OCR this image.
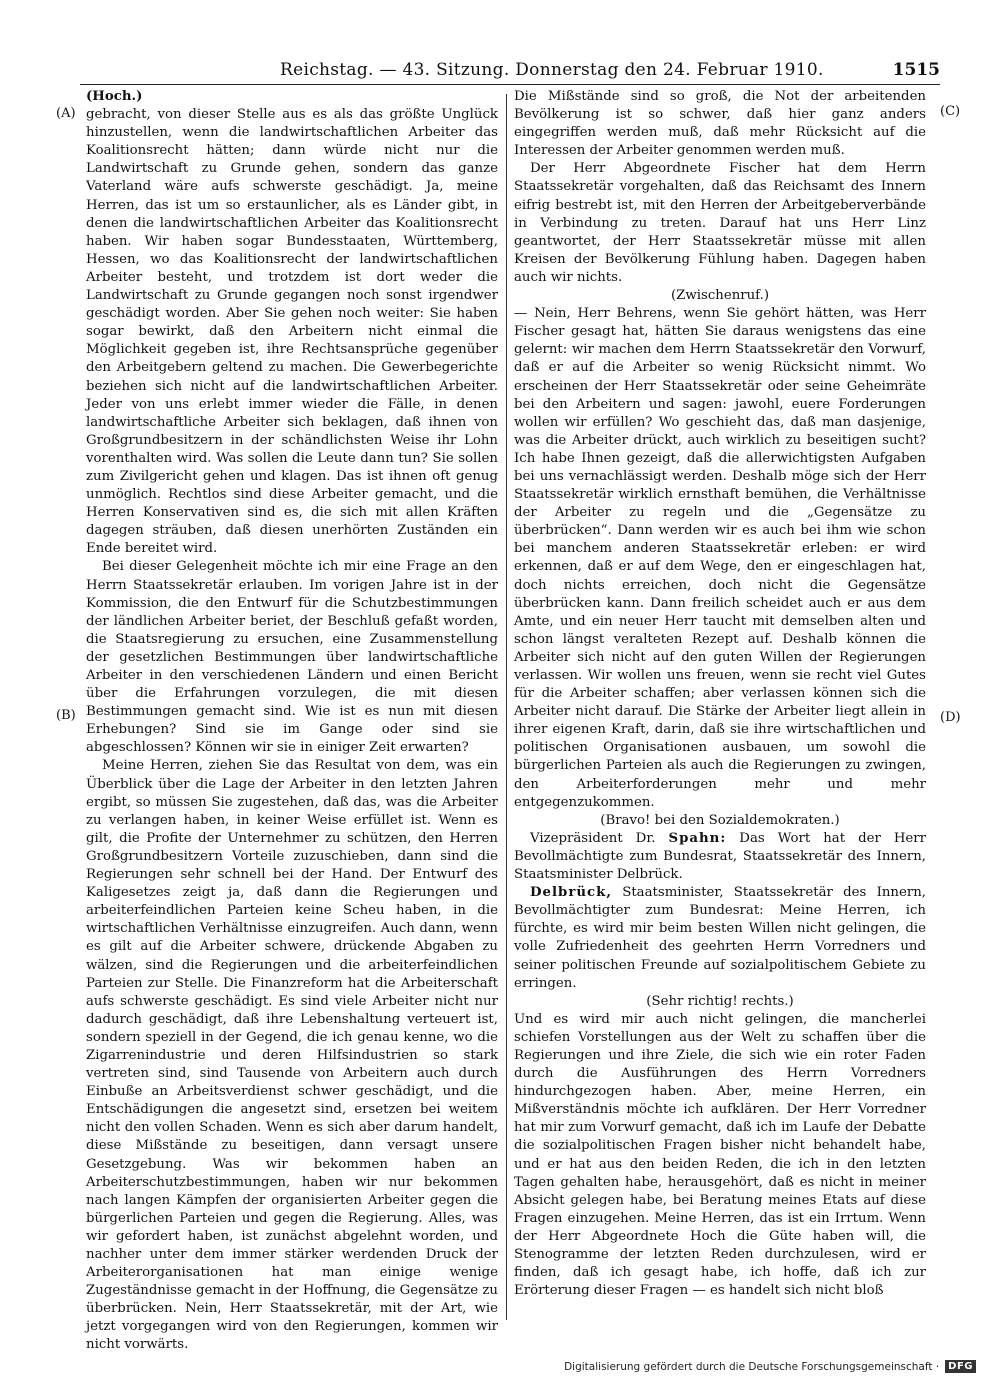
Reichstag. — 43. Sitzung. Donnerstag den 24. Februar 1910.	1515
(A)
(B)
(C)
(D)

(Hoch.)

gebracht, von dieser Stelle aus es als das größte Unglück hinzustellen, wenn die landwirtschaftlichen Arbeiter das Koalitionsrecht hätten; dann würde nicht nur die Landwirtschaft zu Grunde gehen, sondern das ganze Vaterland wäre aufs schwerste geschädigt. Ja, meine Herren, das ist um so erstaunlicher, als es Länder gibt, in denen die landwirtschaftlichen Arbeiter das Koalitionsrecht haben. Wir haben sogar Bundesstaaten, Württemberg, Hessen, wo das Koalitionsrecht der landwirtschaftlichen Arbeiter besteht, und trotzdem ist dort weder die Landwirtschaft zu Grunde gegangen noch sonst irgendwer geschädigt worden. Aber Sie gehen noch weiter: Sie haben sogar bewirkt, daß den Arbeitern nicht einmal die Möglichkeit gegeben ist, ihre Rechtsansprüche gegenüber den Arbeitgebern geltend zu machen. Die Gewerbegerichte beziehen sich nicht auf die landwirtschaftlichen Arbeiter. Jeder von uns erlebt immer wieder die Fälle, in denen landwirtschaftliche Arbeiter sich beklagen, daß ihnen von Großgrundbesitzern in der schändlichsten Weise ihr Lohn vorenthalten wird. Was sollen die Leute dann tun? Sie sollen zum Zivilgericht gehen und klagen. Das ist ihnen oft genug unmöglich. Rechtlos sind diese Arbeiter gemacht, und die Herren Konservativen sind es, die sich mit allen Kräften dagegen sträuben, daß diesen unerhörten Zuständen ein Ende bereitet wird.

Bei dieser Gelegenheit möchte ich mir eine Frage an den Herrn Staatssekretär erlauben. Im vorigen Jahre ist in der Kommission, die den Entwurf für die Schutzbestimmungen der ländlichen Arbeiter beriet, der Beschluß gefaßt worden, die Staatsregierung zu ersuchen, eine Zusammenstellung der gesetzlichen Bestimmungen über landwirtschaftliche Arbeiter in den verschiedenen Ländern und einen Bericht über die Erfahrungen vorzulegen, die mit diesen Bestimmungen gemacht sind. Wie ist es nun mit diesen Erhebungen? Sind sie im Gange oder sind sie abgeschlossen? Können wir sie in einiger Zeit erwarten?

Meine Herren, ziehen Sie das Resultat von dem, was ein Überblick über die Lage der Arbeiter in den letzten Jahren ergibt, so müssen Sie zugestehen, daß das, was die Arbeiter zu verlangen haben, in keiner Weise erfüllet ist. Wenn es gilt, die Profite der Unternehmer zu schützen, den Herren Großgrundbesitzern Vorteile zuzuschieben, dann sind die Regierungen sehr schnell bei der Hand. Der Entwurf des Kaligesetzes zeigt ja, daß dann die Regierungen und arbeiterfeindlichen Parteien keine Scheu haben, in die wirtschaftlichen Verhältnisse einzugreifen. Auch dann, wenn es gilt auf die Arbeiter schwere, drückende Abgaben zu wälzen, sind die Regierungen und die arbeiterfeindlichen Parteien zur Stelle. Die Finanzreform hat die Arbeiterschaft aufs schwerste geschädigt. Es sind viele Arbeiter nicht nur dadurch geschädigt, daß ihre Lebenshaltung verteuert ist, sondern speziell in der Gegend, die ich genau kenne, wo die Zigarrenindustrie und deren Hilfsindustrien so stark vertreten sind, sind Tausende von Arbeitern auch durch Einbuße an Arbeitsverdienst schwer geschädigt, und die Entschädigungen die angesetzt sind, ersetzen bei weitem nicht den vollen Schaden. Wenn es sich aber darum handelt, diese Mißstände zu beseitigen, dann versagt unsere Gesetzgebung. Was wir bekommen haben an Arbeiterschutzbestimmungen, haben wir nur bekommen nach langen Kämpfen der organisierten Arbeiter gegen die bürgerlichen Parteien und gegen die Regierung. Alles, was wir gefordert haben, ist zunächst abgelehnt worden, und nachher unter dem immer stärker werdenden Druck der Arbeiterorganisationen hat man einige wenige Zugeständnisse gemacht in der Hoffnung, die Gegensätze zu überbrücken. Nein, Herr Staatssekretär, mit der Art, wie jetzt vorgegangen wird von den Regierungen, kommen wir nicht vorwärts.

Die Mißstände sind so groß, die Not der arbeitenden Bevölkerung ist so schwer, daß hier ganz anders eingegriffen werden muß, daß mehr Rücksicht auf die Interessen der Arbeiter genommen werden muß.

Der Herr Abgeordnete Fischer hat dem Herrn Staatssekretär vorgehalten, daß das Reichsamt des Innern eifrig bestrebt ist, mit den Herren der Arbeitgeberverbände in Verbindung zu treten. Darauf hat uns Herr Linz geantwortet, der Herr Staatssekretär müsse mit allen Kreisen der Bevölkerung Fühlung haben. Dagegen haben auch wir nichts.

(Zwischenruf.)

— Nein, Herr Behrens, wenn Sie gehört hätten, was Herr Fischer gesagt hat, hätten Sie daraus wenigstens das eine gelernt: wir machen dem Herrn Staatssekretär den Vorwurf, daß er auf die Arbeiter so wenig Rücksicht nimmt. Wo erscheinen der Herr Staatssekretär oder seine Geheimräte bei den Arbeitern und sagen: jawohl, euere Forderungen wollen wir erfüllen? Wo geschieht das, daß man dasjenige, was die Arbeiter drückt, auch wirklich zu beseitigen sucht? Ich habe Ihnen gezeigt, daß die allerwichtigsten Aufgaben bei uns vernachlässigt werden. Deshalb möge sich der Herr Staatssekretär wirklich ernsthaft bemühen, die Verhältnisse der Arbeiter zu regeln und die „Gegensätze zu überbrücken“. Dann werden wir es auch bei ihm wie schon bei manchem anderen Staatssekretär erleben: er wird erkennen, daß er auf dem Wege, den er eingeschlagen hat, doch nichts erreichen, doch nicht die Gegensätze überbrücken kann. Dann freilich scheidet auch er aus dem Amte, und ein neuer Herr taucht mit demselben alten und schon längst veralteten Rezept auf. Deshalb können die Arbeiter sich nicht auf den guten Willen der Regierungen verlassen. Wir wollen uns freuen, wenn sie recht viel Gutes für die Arbeiter schaffen; aber verlassen können sich die Arbeiter nicht darauf. Die Stärke der Arbeiter liegt allein in ihrer eigenen Kraft, darin, daß sie ihre wirtschaftlichen und politischen Organisationen ausbauen, um sowohl die bürgerlichen Parteien als auch die Regierungen zu zwingen, den Arbeiterforderungen mehr und mehr entgegenzukommen.

(Bravo! bei den Sozialdemokraten.)

Vizepräsident Dr. Spahn: Das Wort hat der Herr Bevollmächtigte zum Bundesrat, Staatssekretär des Innern, Staatsminister Delbrück.

Delbrück, Staatsminister, Staatssekretär des Innern, Bevollmächtigter zum Bundesrat: Meine Herren, ich fürchte, es wird mir beim besten Willen nicht gelingen, die volle Zufriedenheit des geehrten Herrn Vorredners und seiner politischen Freunde auf sozialpolitischem Gebiete zu erringen.

(Sehr richtig! rechts.)

Und es wird mir auch nicht gelingen, die mancherlei schiefen Vorstellungen aus der Welt zu schaffen über die Regierungen und ihre Ziele, die sich wie ein roter Faden durch die Ausführungen des Herrn Vorredners hindurchgezogen haben. Aber, meine Herren, ein Mißverständnis möchte ich aufklären. Der Herr Vorredner hat mir zum Vorwurf gemacht, daß ich im Laufe der Debatte die sozialpolitischen Fragen bisher nicht behandelt habe, und er hat aus den beiden Reden, die ich in den letzten Tagen gehalten habe, herausgehört, daß es nicht in meiner Absicht gelegen habe, bei Beratung meines Etats auf diese Fragen einzugehen. Meine Herren, das ist ein Irrtum. Wenn der Herr Abgeordnete Hoch die Güte haben will, die Stenogramme der letzten Reden durchzulesen, wird er finden, daß ich gesagt habe, ich hoffe, daß ich zur Erörterung dieser Fragen — es handelt sich nicht bloß

Digitalisierung gefördert durch die Deutsche Forschungsgemeinschaft · DFG
